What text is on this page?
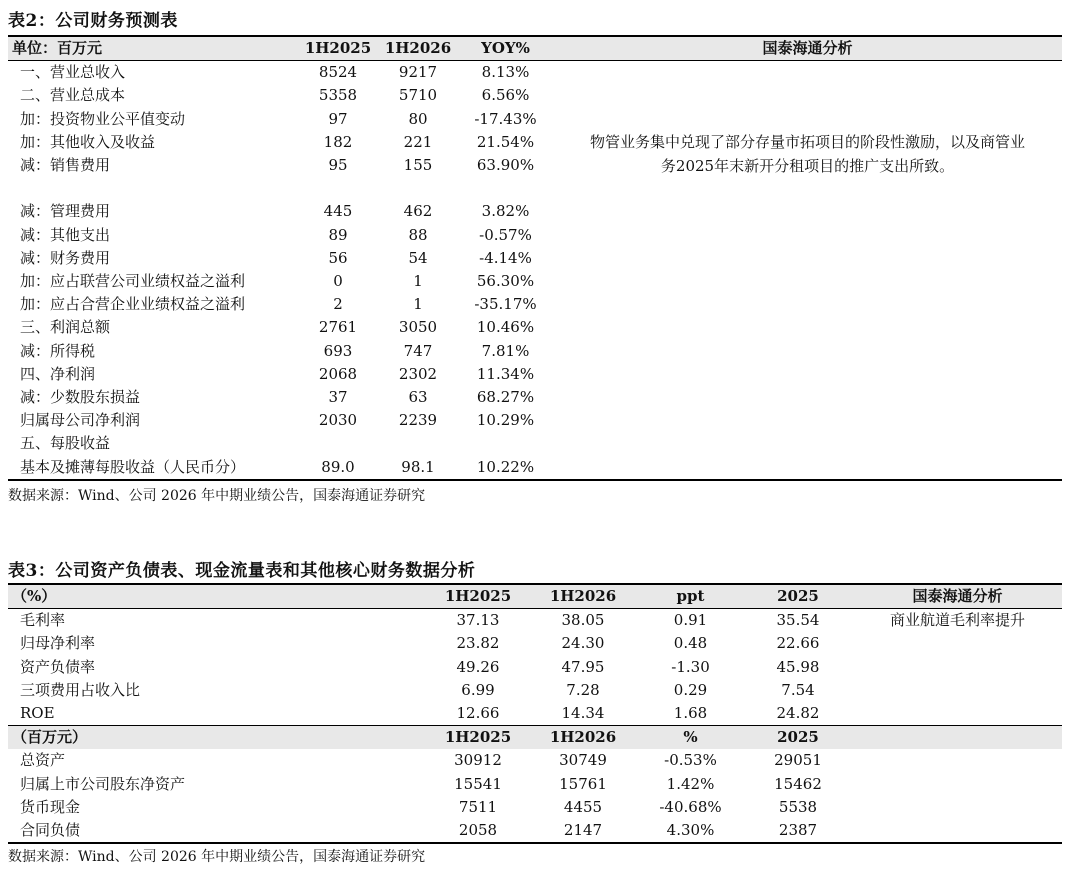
表2：公司财务预测表
单位：百万元	1H2025	1H2026	YOY%	国泰海通分析
一、营业总收入	8524	9217	8.13%	物管业务集中兑现了部分存量市拓项目的阶段性激励，以及商管业务2025年末新开分租项目的推广支出所致。
二、营业总成本	5358	5710	6.56%	
加：投资物业公平值变动	97	80	-17.43%	
加：其他收入及收益	182	221	21.54%	
减：销售费用	95	155	63.90%	

减：管理费用	445	462	3.82%	
减：其他支出	89	88	-0.57%	
减：财务费用	56	54	-4.14%	
加：应占联营公司业绩权益之溢利	0	1	56.30%	
加：应占合营企业业绩权益之溢利	2	1	-35.17%	
三、利润总额	2761	3050	10.46%	
减：所得税	693	747	7.81%	
四、净利润	2068	2302	11.34%	
减：少数股东损益	37	63	68.27%	
归属母公司净利润	2030	2239	10.29%	
五、每股收益				
基本及摊薄每股收益（人民币分）	89.0	98.1	10.22%	
数据来源：Wind、公司 2026 年中期业绩公告，国泰海通证券研究
表3：公司资产负债表、现金流量表和其他核心财务数据分析
（%）	1H2025	1H2026	ppt	2025	国泰海通分析
毛利率	37.13	38.05	0.91	35.54	商业航道毛利率提升
归母净利率	23.82	24.30	0.48	22.66	
资产负债率	49.26	47.95	-1.30	45.98	
三项费用占收入比	6.99	7.28	0.29	7.54	
ROE	12.66	14.34	1.68	24.82	
（百万元）	1H2025	1H2026	%	2025	
总资产	30912	30749	-0.53%	29051	
归属上市公司股东净资产	15541	15761	1.42%	15462	
货币现金	7511	4455	-40.68%	5538	
合同负债	2058	2147	4.30%	2387	
数据来源：Wind、公司 2026 年中期业绩公告，国泰海通证券研究
